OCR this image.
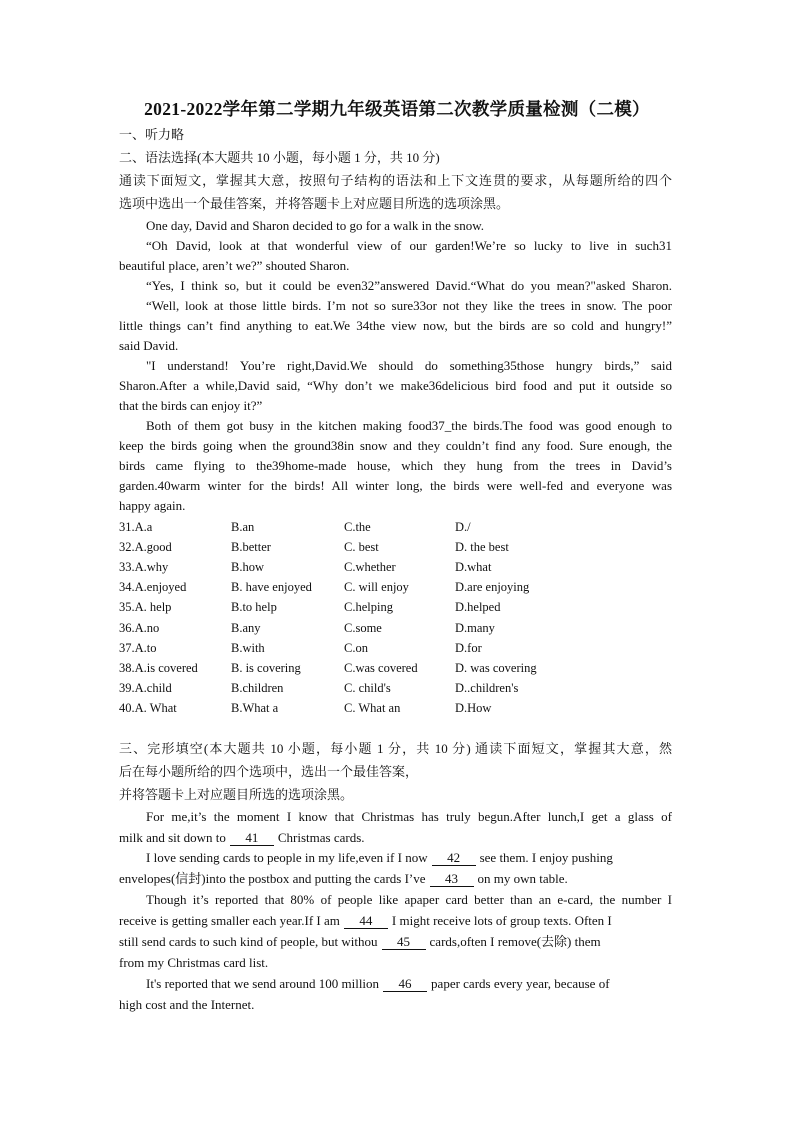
2021-2022学年第二学期九年级英语第二次教学质量检测（二模）
一、听力略
二、语法选择(本大题共 10 小题，每小题 1 分，共 10 分)
通读下面短文，掌握其大意，按照句子结构的语法和上下文连贯的要求，从每题所给的四个
选项中选出一个最佳答案，并将答题卡上对应题目所选的选项涂黑。
One day, David and Sharon decided to go for a walk in the snow.
“Oh David, look at that wonderful view of our garden!We’re so lucky to live in such31
beautiful place, aren’t we?” shouted Sharon.
“Yes, I think so, but it could be even32”answered David.“What do you mean?"asked Sharon.
“Well, look at those little birds. I’m not so sure33or not they like the trees in snow. The poor
little things can’t find anything to eat.We 34the view now, but the birds are so cold and hungry!”
said David.
"I understand! You’re right,David.We should do something35those hungry birds,” said
Sharon.After a while,David said, “Why don’t we make36delicious bird food and put it outside so
that the birds can enjoy it?”
Both of them got busy in the kitchen making food37_the birds.The food was good enough to
keep the birds going when the ground38in snow and they couldn’t find any food. Sure enough, the
birds came flying to the39home-made house, which they hung from the trees in David’s
garden.40warm winter for the birds! All winter long, the birds were well-fed and everyone was
happy again.
31.A.a	B.an	C.the	D./
32.A.good	B.better	C. best	D. the best
33.A.why	B.how	C.whether	D.what
34.A.enjoyed	B. have enjoyed	C. will enjoy	D.are enjoying
35.A. help	B.to help	C.helping	D.helped
36.A.no	B.any	C.some	D.many
37.A.to	B.with	C.on	D.for
38.A.is covered	B. is covering	C.was covered	D. was covering
39.A.child	B.children	C. child's	D..children's
40.A. What	B.What a	C. What an	D.How
三、完形填空(本大题共 10 小题，每小题 1 分，共 10 分) 通读下面短文，掌握其大意，然
后在每小题所给的四个选项中，选出一个最佳答案，
并将答题卡上对应题目所选的选项涂黑。
For me,it’s the moment I know that Christmas has truly begun.After lunch,I get a glass of
milk and sit down to 41 Christmas cards.
I love sending cards to people in my life,even if I now 42 see them. I enjoy pushing
envelopes(信封)into the postbox and putting the cards I’ve 43 on my own table.
Though it’s reported that 80% of people like apaper card better than an e-card, the number I
receive is getting smaller each year.If I am 44 I might receive lots of group texts. Often I
still send cards to such kind of people, but withou 45 cards,often I remove(去除) them
from my Christmas card list.
It's reported that we send around 100 million 46 paper cards every year, because of
high cost and the Internet.
